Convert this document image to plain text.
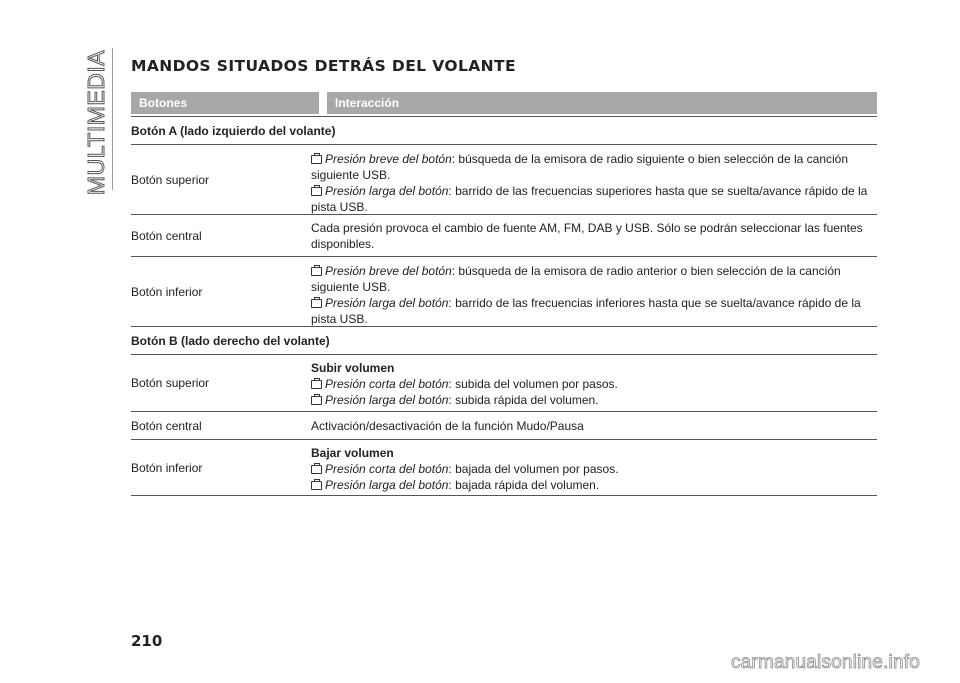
MULTIMEDIA MANDOS SITUADOS DETRÁS DEL VOLANTE
Botones	Interacción
Botón A (lado izquierdo del volante)
Botón superior
Presión breve del botón: búsqueda de la emisora de radio siguiente o bien selección de la canción siguiente USB.
Presión larga del botón: barrido de las frecuencias superiores hasta que se suelta/avance rápido de la pista USB.
Botón central
Cada presión provoca el cambio de fuente AM, FM, DAB y USB. Sólo se podrán seleccionar las fuentes disponibles.
Botón inferior
Presión breve del botón: búsqueda de la emisora de radio anterior o bien selección de la canción siguiente USB.
Presión larga del botón: barrido de las frecuencias inferiores hasta que se suelta/avance rápido de la pista USB.
Botón B (lado derecho del volante)
Botón superior
Subir volumen
Presión corta del botón: subida del volumen por pasos.
Presión larga del botón: subida rápida del volumen.
Botón central	Activación/desactivación de la función Mudo/Pausa
Botón inferior
Bajar volumen
Presión corta del botón: bajada del volumen por pasos.
Presión larga del botón: bajada rápida del volumen.

210

carmanualsonline.info
